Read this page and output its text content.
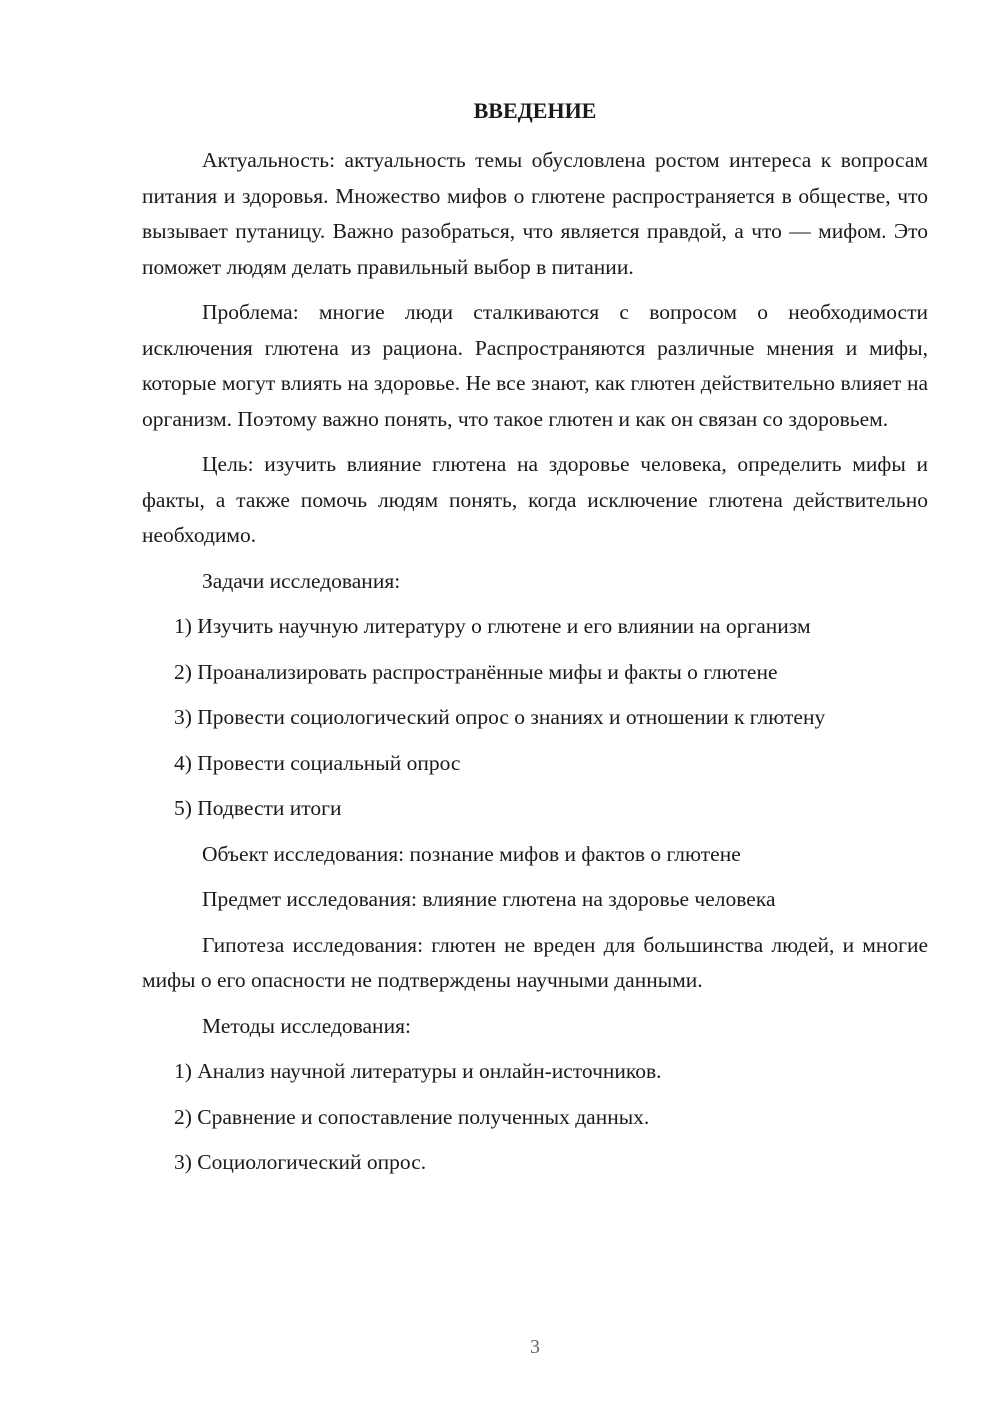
ВВЕДЕНИЕ

Актуальность: актуальность темы обусловлена ростом интереса к вопросам питания и здоровья. Множество мифов о глютене распространяется в обществе, что вызывает путаницу. Важно разобраться, что является правдой, а что — мифом. Это поможет людям делать правильный выбор в питании.

Проблема: многие люди сталкиваются с вопросом о необходимости исключения глютена из рациона. Распространяются различные мнения и мифы, которые могут влиять на здоровье. Не все знают, как глютен действительно влияет на организм. Поэтому важно понять, что такое глютен и как он связан со здоровьем.

Цель: изучить влияние глютена на здоровье человека, определить мифы и факты, а также помочь людям понять, когда исключение глютена действительно необходимо.

Задачи исследования:

1) Изучить научную литературу о глютене и его влиянии на организм

2) Проанализировать распространённые мифы и факты о глютене

3) Провести социологический опрос о знаниях и отношении к глютену

4) Провести социальный опрос

5) Подвести итоги

Объект исследования: познание мифов и фактов о глютене

Предмет исследования: влияние глютена на здоровье человека

Гипотеза исследования: глютен не вреден для большинства людей, и многие мифы о его опасности не подтверждены научными данными.

Методы исследования:

1) Анализ научной литературы и онлайн-источников.

2) Сравнение и сопоставление полученных данных.

3) Социологический опрос.

3
